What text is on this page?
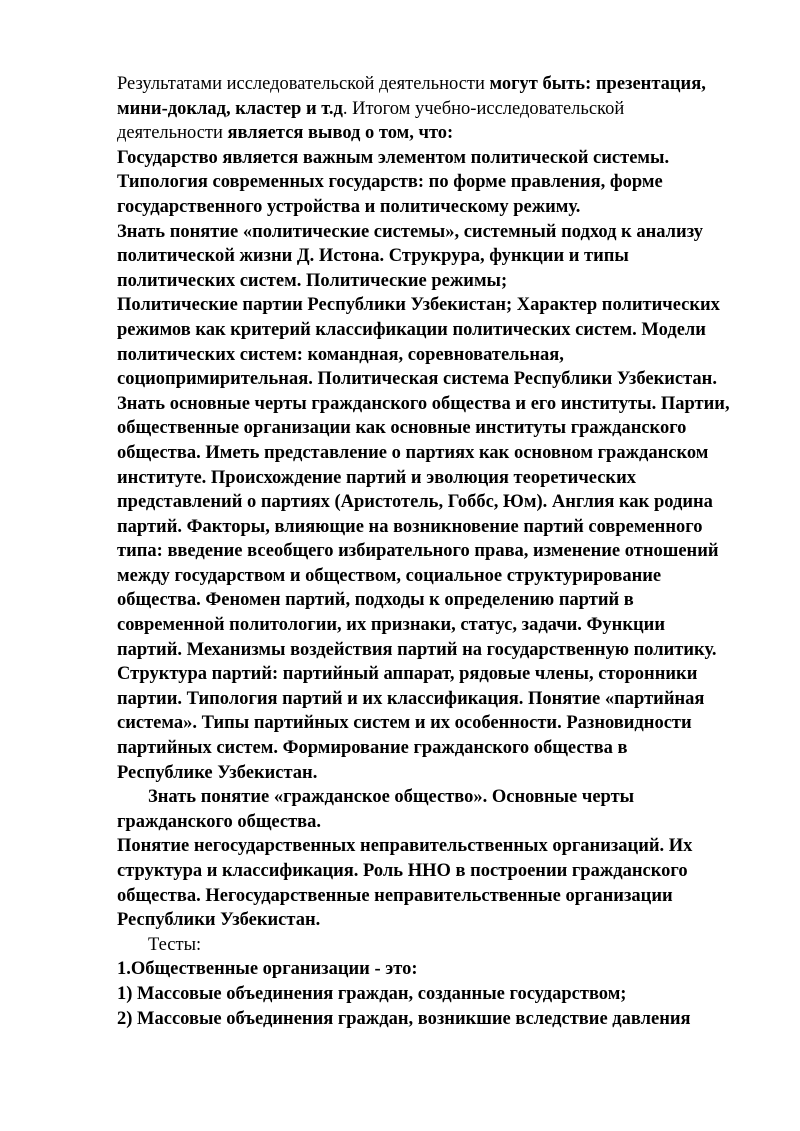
Результатами исследовательской деятельности могут быть: презентация,
мини-доклад, кластер и т.д. Итогом учебно-исследовательской
деятельности является вывод о том, что:
Государство является важным элементом политической системы.
Типология современных государств: по форме правления, форме
государственного устройства и политическому режиму.
Знать понятие «политические системы», системный подход к анализу
политической жизни Д. Истона. Струкрура, функции и типы
политических систем. Политические режимы;
Политические партии Республики Узбекистан; Характер политических
режимов как критерий классификации политических систем. Модели
политических систем: командная, соревновательная,
социопримирительная. Политическая система Республики Узбекистан.
Знать основные черты гражданского общества и его институты. Партии,
общественные организации как основные институты гражданского
общества. Иметь представление о партиях как основном гражданском
институте. Происхождение партий и эволюция теоретических
представлений о партиях (Аристотель, Гоббс, Юм). Англия как родина
партий. Факторы, влияющие на возникновение партий современного
типа: введение всеобщего избирательного права, изменение отношений
между государством и обществом, социальное структурирование
общества. Феномен партий, подходы к определению партий в
современной политологии, их признаки, статус, задачи. Функции
партий. Механизмы воздействия партий на государственную политику.
Структура партий: партийный аппарат, рядовые члены, сторонники
партии. Типология партий и их классификация. Понятие «партийная
система». Типы партийных систем и их особенности. Разновидности
партийных систем. Формирование гражданского общества в
Республике Узбекистан.
Знать понятие «гражданское общество». Основные черты
гражданского общества.
Понятие негосударственных неправительственных организаций. Их
структура и классификация. Роль ННО в построении гражданского
общества. Негосударственные неправительственные организации
Республики Узбекистан.
Тесты:
1.Общественные организации - это:
1) Массовые объединения граждан, созданные государством;
2) Массовые объединения граждан, возникшие вследствие давления
